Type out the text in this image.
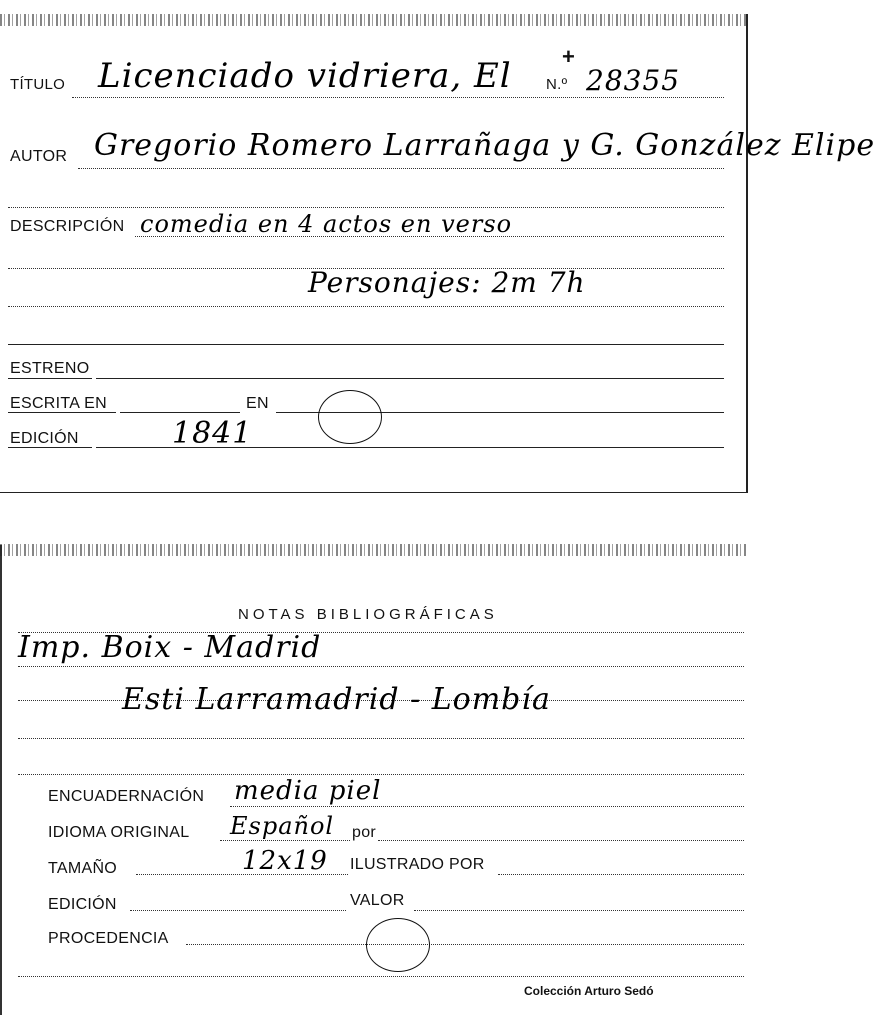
TÍTULO Licenciado vidriera, El +
N.º 28355
AUTOR Gregorio Romero Larrañaga y G. González Elipe
DESCRIPCIÓN comedia en 4 actos en verso
Personajes: 2m 7h
ESTRENO
ESCRITA EN	EN
EDICIÓN	1841
NOTAS BIBLIOGRÁFICAS
Imp. Boix - Madrid
Esti Larramadrid - Lombía
ENCUADERNACIÓN media piel
IDIOMA ORIGINAL Español por
TAMAÑO	12x19 ILUSTRADO POR
EDICIÓN	VALOR
PROCEDENCIA
Colección Arturo Sedó
